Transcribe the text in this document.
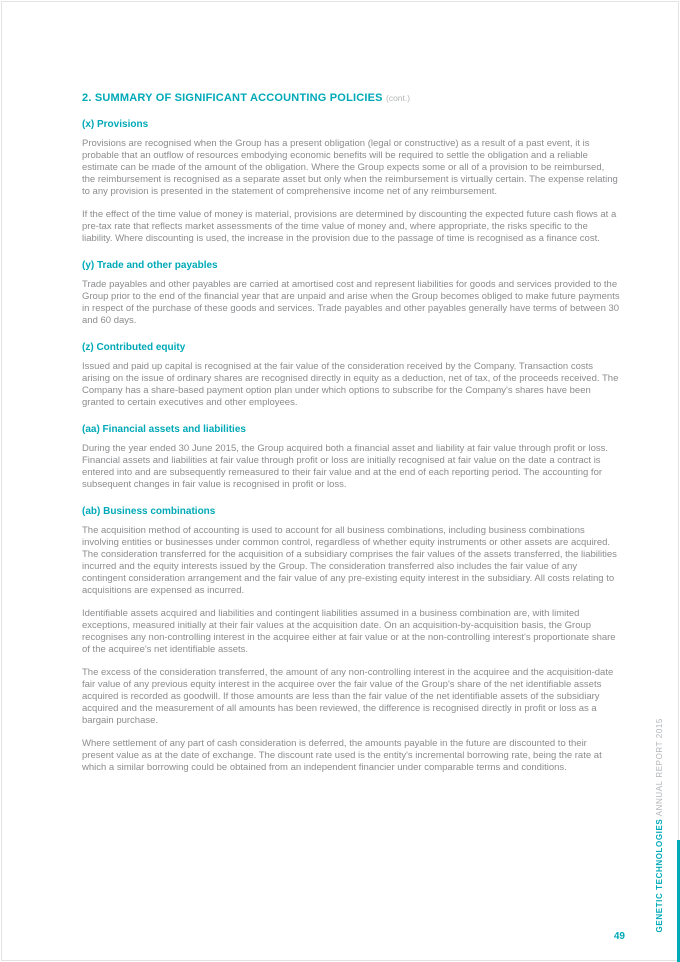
2. SUMMARY OF SIGNIFICANT ACCOUNTING POLICIES (cont.)
(x) Provisions

Provisions are recognised when the Group has a present obligation (legal or constructive) as a result of a past event, it is probable that an outflow of resources embodying economic benefits will be required to settle the obligation and a reliable estimate can be made of the amount of the obligation. Where the Group expects some or all of a provision to be reimbursed, the reimbursement is recognised as a separate asset but only when the reimbursement is virtually certain. The expense relating to any provision is presented in the statement of comprehensive income net of any reimbursement.

If the effect of the time value of money is material, provisions are determined by discounting the expected future cash flows at a pre-tax rate that reflects market assessments of the time value of money and, where appropriate, the risks specific to the liability. Where discounting is used, the increase in the provision due to the passage of time is recognised as a finance cost.

(y) Trade and other payables

Trade payables and other payables are carried at amortised cost and represent liabilities for goods and services provided to the Group prior to the end of the financial year that are unpaid and arise when the Group becomes obliged to make future payments in respect of the purchase of these goods and services. Trade payables and other payables generally have terms of between 30 and 60 days.

(z) Contributed equity

Issued and paid up capital is recognised at the fair value of the consideration received by the Company. Transaction costs arising on the issue of ordinary shares are recognised directly in equity as a deduction, net of tax, of the proceeds received. The Company has a share-based payment option plan under which options to subscribe for the Company's shares have been granted to certain executives and other employees.

(aa) Financial assets and liabilities

During the year ended 30 June 2015, the Group acquired both a financial asset and liability at fair value through profit or loss. Financial assets and liabilities at fair value through profit or loss are initially recognised at fair value on the date a contract is entered into and are subsequently remeasured to their fair value and at the end of each reporting period. The accounting for subsequent changes in fair value is recognised in profit or loss.

(ab) Business combinations

The acquisition method of accounting is used to account for all business combinations, including business combinations involving entities or businesses under common control, regardless of whether equity instruments or other assets are acquired. The consideration transferred for the acquisition of a subsidiary comprises the fair values of the assets transferred, the liabilities incurred and the equity interests issued by the Group. The consideration transferred also includes the fair value of any contingent consideration arrangement and the fair value of any pre-existing equity interest in the subsidiary. All costs relating to acquisitions are expensed as incurred.

Identifiable assets acquired and liabilities and contingent liabilities assumed in a business combination are, with limited exceptions, measured initially at their fair values at the acquisition date. On an acquisition-by-acquisition basis, the Group recognises any non-controlling interest in the acquiree either at fair value or at the non-controlling interest's proportionate share of the acquiree's net identifiable assets.

The excess of the consideration transferred, the amount of any non-controlling interest in the acquiree and the acquisition-date fair value of any previous equity interest in the acquiree over the fair value of the Group's share of the net identifiable assets acquired is recorded as goodwill. If those amounts are less than the fair value of the net identifiable assets of the subsidiary acquired and the measurement of all amounts has been reviewed, the difference is recognised directly in profit or loss as a bargain purchase.

Where settlement of any part of cash consideration is deferred, the amounts payable in the future are discounted to their present value as at the date of exchange. The discount rate used is the entity's incremental borrowing rate, being the rate at which a similar borrowing could be obtained from an independent financier under comparable terms and conditions.

GENETIC TECHNOLOGIES ANNUAL REPORT 2015
49
